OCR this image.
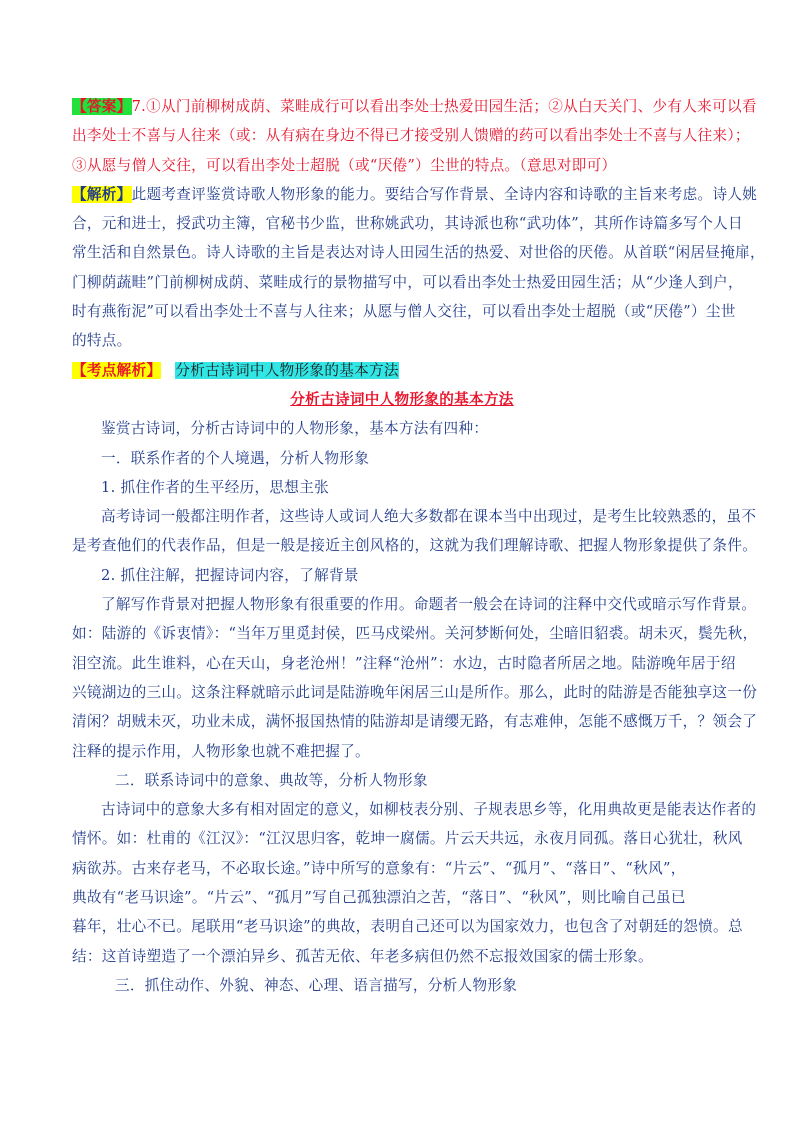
【答案】7.①从门前柳树成荫、菜畦成行可以看出李处士热爱田园生活；②从白天关门、少有人来可以看
出李处士不喜与人往来（或：从有病在身边不得已才接受别人馈赠的药可以看出李处士不喜与人往来）；
③从愿与僧人交往，可以看出李处士超脱（或“厌倦”）尘世的特点。（意思对即可）
【解析】此题考查评鉴赏诗歌人物形象的能力。要结合写作背景、全诗内容和诗歌的主旨来考虑。诗人姚
合，元和进士，授武功主簿，官秘书少监，世称姚武功，其诗派也称“武功体”，其所作诗篇多写个人日
常生活和自然景色。诗人诗歌的主旨是表达对诗人田园生活的热爱、对世俗的厌倦。从首联“闲居昼掩扉，
门柳荫蔬畦”门前柳树成荫、菜畦成行的景物描写中，可以看出李处士热爱田园生活；从“少逢人到户，
时有燕衔泥”可以看出李处士不喜与人往来；从愿与僧人交往，可以看出李处士超脱（或“厌倦”）尘世
的特点。
【考点解析】 分析古诗词中人物形象的基本方法
分析古诗词中人物形象的基本方法
鉴赏古诗词，分析古诗词中的人物形象，基本方法有四种：
一．联系作者的个人境遇，分析人物形象
1. 抓住作者的生平经历，思想主张
高考诗词一般都注明作者，这些诗人或词人绝大多数都在课本当中出现过，是考生比较熟悉的，虽不
是考查他们的代表作品，但是一般是接近主创风格的，这就为我们理解诗歌、把握人物形象提供了条件。
2. 抓住注解，把握诗词内容，了解背景
了解写作背景对把握人物形象有很重要的作用。命题者一般会在诗词的注释中交代或暗示写作背景。
如：陆游的《诉衷情》：“当年万里觅封侯，匹马戍梁州。关河梦断何处，尘暗旧貂裘。胡未灭，鬓先秋，
泪空流。此生谁料，心在天山，身老沧州！”注释“沧州”：水边，古时隐者所居之地。陆游晚年居于绍
兴镜湖边的三山。这条注释就暗示此词是陆游晚年闲居三山是所作。那么，此时的陆游是否能独享这一份
清闲？胡贼未灭，功业未成，满怀报国热情的陆游却是请缨无路，有志难伸，怎能不感慨万千，？领会了
注释的提示作用，人物形象也就不难把握了。
二．联系诗词中的意象、典故等，分析人物形象
古诗词中的意象大多有相对固定的意义，如柳枝表分别、子规表思乡等，化用典故更是能表达作者的
情怀。如：杜甫的《江汉》：“江汉思归客，乾坤一腐儒。片云天共远，永夜月同孤。落日心犹壮，秋风
病欲苏。古来存老马，不必取长途。”诗中所写的意象有：“片云”、“孤月”、“落日”、“秋风”，
典故有“老马识途”。“片云”、“孤月”写自己孤独漂泊之苦，“落日”、“秋风”，则比喻自己虽已
暮年，壮心不已。尾联用“老马识途”的典故，表明自己还可以为国家效力，也包含了对朝廷的怨愤。总
结：这首诗塑造了一个漂泊异乡、孤苦无依、年老多病但仍然不忘报效国家的儒士形象。
三．抓住动作、外貌、神态、心理、语言描写，分析人物形象
